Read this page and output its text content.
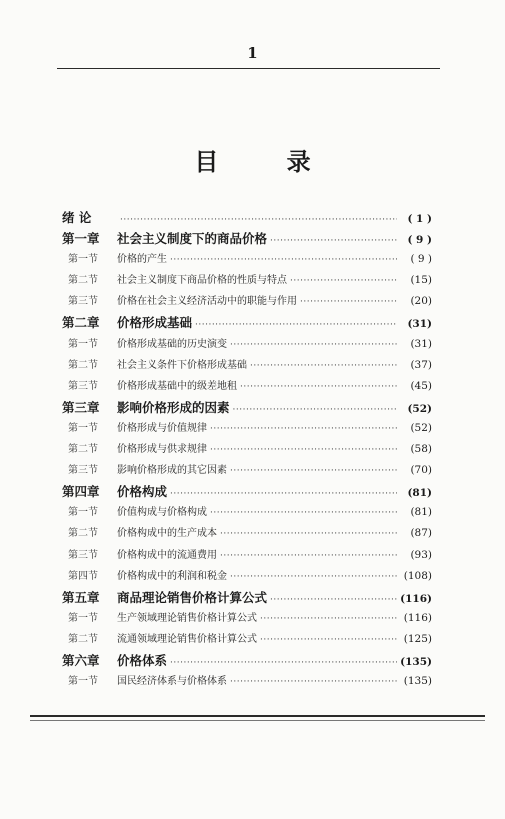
1
目 录
绪 论 ·····	( 1 )
第一章	社会主义制度下的商品价格 ·····	( 9 )
第一节	价格的产生 ·····	( 9 )
第二节	社会主义制度下商品价格的性质与特点 ·····	(15)
第三节	价格在社会主义经济活动中的职能与作用 ·····	(20)
第二章	价格形成基础 ·····	(31)
第一节	价格形成基础的历史演变 ·····	(31)
第二节	社会主义条件下价格形成基础 ·····	(37)
第三节	价格形成基础中的级差地租 ·····	(45)
第三章	影响价格形成的因素 ·····	(52)
第一节	价格形成与价值规律 ·····	(52)
第二节	价格形成与供求规律 ·····	(58)
第三节	影响价格形成的其它因素 ·····	(70)
第四章	价格构成 ·····	(81)
第一节	价值构成与价格构成 ·····	(81)
第二节	价格构成中的生产成本 ·····	(87)
第三节	价格构成中的流通费用 ·····	(93)
第四节	价格构成中的利润和税金 ·····	(108)
第五章	商品理论销售价格计算公式 ·····	(116)
第一节	生产领域理论销售价格计算公式 ·····	(116)
第二节	流通领域理论销售价格计算公式 ·····	(125)
第六章	价格体系 ·····	(135)
第一节	国民经济体系与价格体系 ·····	(135)
